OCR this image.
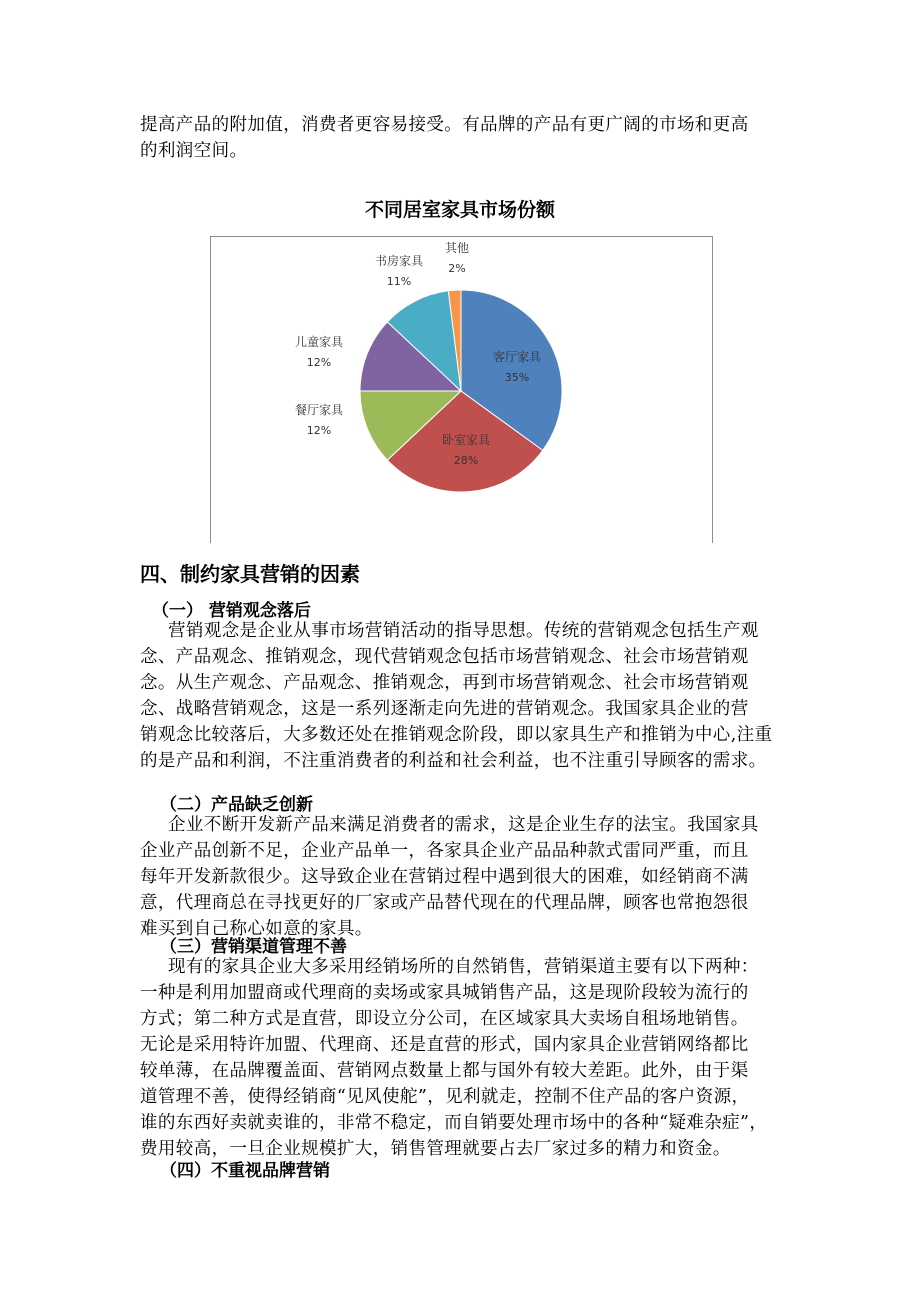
提高产品的附加值，消费者更容易接受。有品牌的产品有更广阔的市场和更高
的利润空间。
不同居室家具市场份额
客厅家具
35%
卧室家具
28%
餐厅家具
12%
儿童家具
12%
书房家具
11%
其他
2%
四、制约家具营销的因素
（一） 营销观念落后
营销观念是企业从事市场营销活动的指导思想。传统的营销观念包括生产观
念、产品观念、推销观念，现代营销观念包括市场营销观念、社会市场营销观
念。从生产观念、产品观念、推销观念，再到市场营销观念、社会市场营销观
念、战略营销观念，这是一系列逐渐走向先进的营销观念。我国家具企业的营
销观念比较落后，大多数还处在推销观念阶段，即以家具生产和推销为中心,注重
的是产品和利润，不注重消费者的利益和社会利益，也不注重引导顾客的需求。
（二）产品缺乏创新
企业不断开发新产品来满足消费者的需求，这是企业生存的法宝。我国家具
企业产品创新不足，企业产品单一，各家具企业产品品种款式雷同严重，而且
每年开发新款很少。这导致企业在营销过程中遇到很大的困难，如经销商不满
意，代理商总在寻找更好的厂家或产品替代现在的代理品牌，顾客也常抱怨很
难买到自己称心如意的家具。
（三）营销渠道管理不善
现有的家具企业大多采用经销场所的自然销售，营销渠道主要有以下两种：
一种是利用加盟商或代理商的卖场或家具城销售产品，这是现阶段较为流行的
方式；第二种方式是直营，即设立分公司，在区域家具大卖场自租场地销售。
无论是采用特许加盟、代理商、还是直营的形式，国内家具企业营销网络都比
较单薄，在品牌覆盖面、营销网点数量上都与国外有较大差距。此外，由于渠
道管理不善，使得经销商“见风使舵”，见利就走，控制不住产品的客户资源，
谁的东西好卖就卖谁的，非常不稳定，而自销要处理市场中的各种“疑难杂症”，
费用较高，一旦企业规模扩大，销售管理就要占去厂家过多的精力和资金。
（四）不重视品牌营销
